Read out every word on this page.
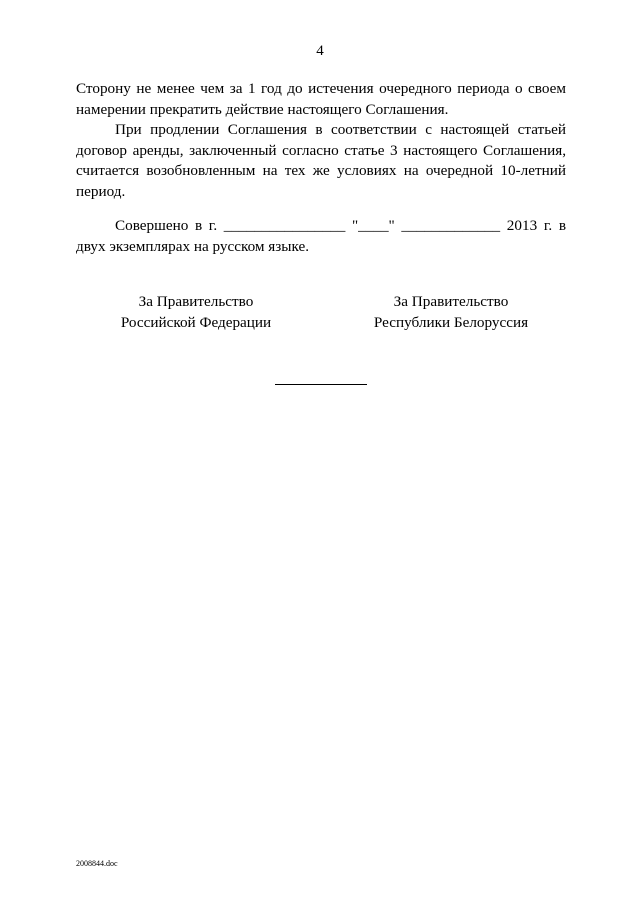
4
Сторону не менее чем за 1 год до истечения очередного периода о своем
намерении прекратить действие настоящего Соглашения.
При продлении Соглашения в соответствии с настоящей статьей
договор аренды, заключенный согласно статье 3 настоящего Соглашения,
считается возобновленным на тех же условиях на очередной 10-летний
период.
Совершено в г. ________________ "____" _____________ 2013 г. в
двух экземплярах на русском языке.
За Правительство
Российской Федерации
За Правительство
Республики Белоруссия
2008844.doc
